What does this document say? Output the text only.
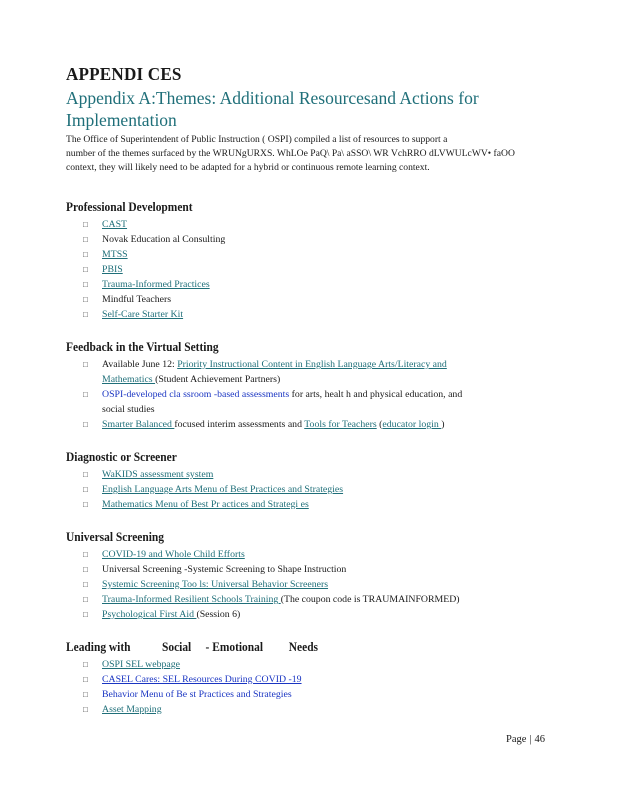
APPENDI CES
Appendix A:Themes: Additional Resourcesand Actions for
Implementation
The Office of Superintendent of Public Instruction ( OSPI) compiled a list of resources to support a
number of the themes surfaced by the WRUNgURXS. WhLOe PaQ\ Pa\ aSSO\ WR VchRRO dLVWULcWV• faOO
context, they will likely need to be adapted for a hybrid or continuous remote learning context.
Professional Development
□ CAST
□ Novak Education al Consulting
□ MTSS
□ PBIS
□ Trauma-Informed Practices
□ Mindful Teachers
□ Self-Care Starter Kit
Feedback in the Virtual Setting
□ Available June 12: Priority Instructional Content in English Language Arts/Literacy and
Mathematics (Student Achievement Partners)
□ OSPI-developed cla ssroom -based assessments for arts, healt h and physical education, and
social studies
□ Smarter Balanced focused interim assessments and Tools for Teachers (educator login )
Diagnostic or Screener
□ WaKIDS assessment system
□ English Language Arts Menu of Best Practices and Strategies
□ Mathematics Menu of Best Pr actices and Strategi es
Universal Screening
□ COVID-19 and Whole Child Efforts
□ Universal Screening -Systemic Screening to Shape Instruction
□ Systemic Screening Too ls: Universal Behavior Screeners
□ Trauma-Informed Resilient Schools Training (The coupon code is TRAUMAINFORMED)
□ Psychological First Aid (Session 6)
Leading with           Social     - Emotional         Needs
□ OSPI SEL webpage
□ CASEL Cares: SEL Resources During COVID -19
□ Behavior Menu of Be st Practices and Strategies
□ Asset Mapping
Page | 46
